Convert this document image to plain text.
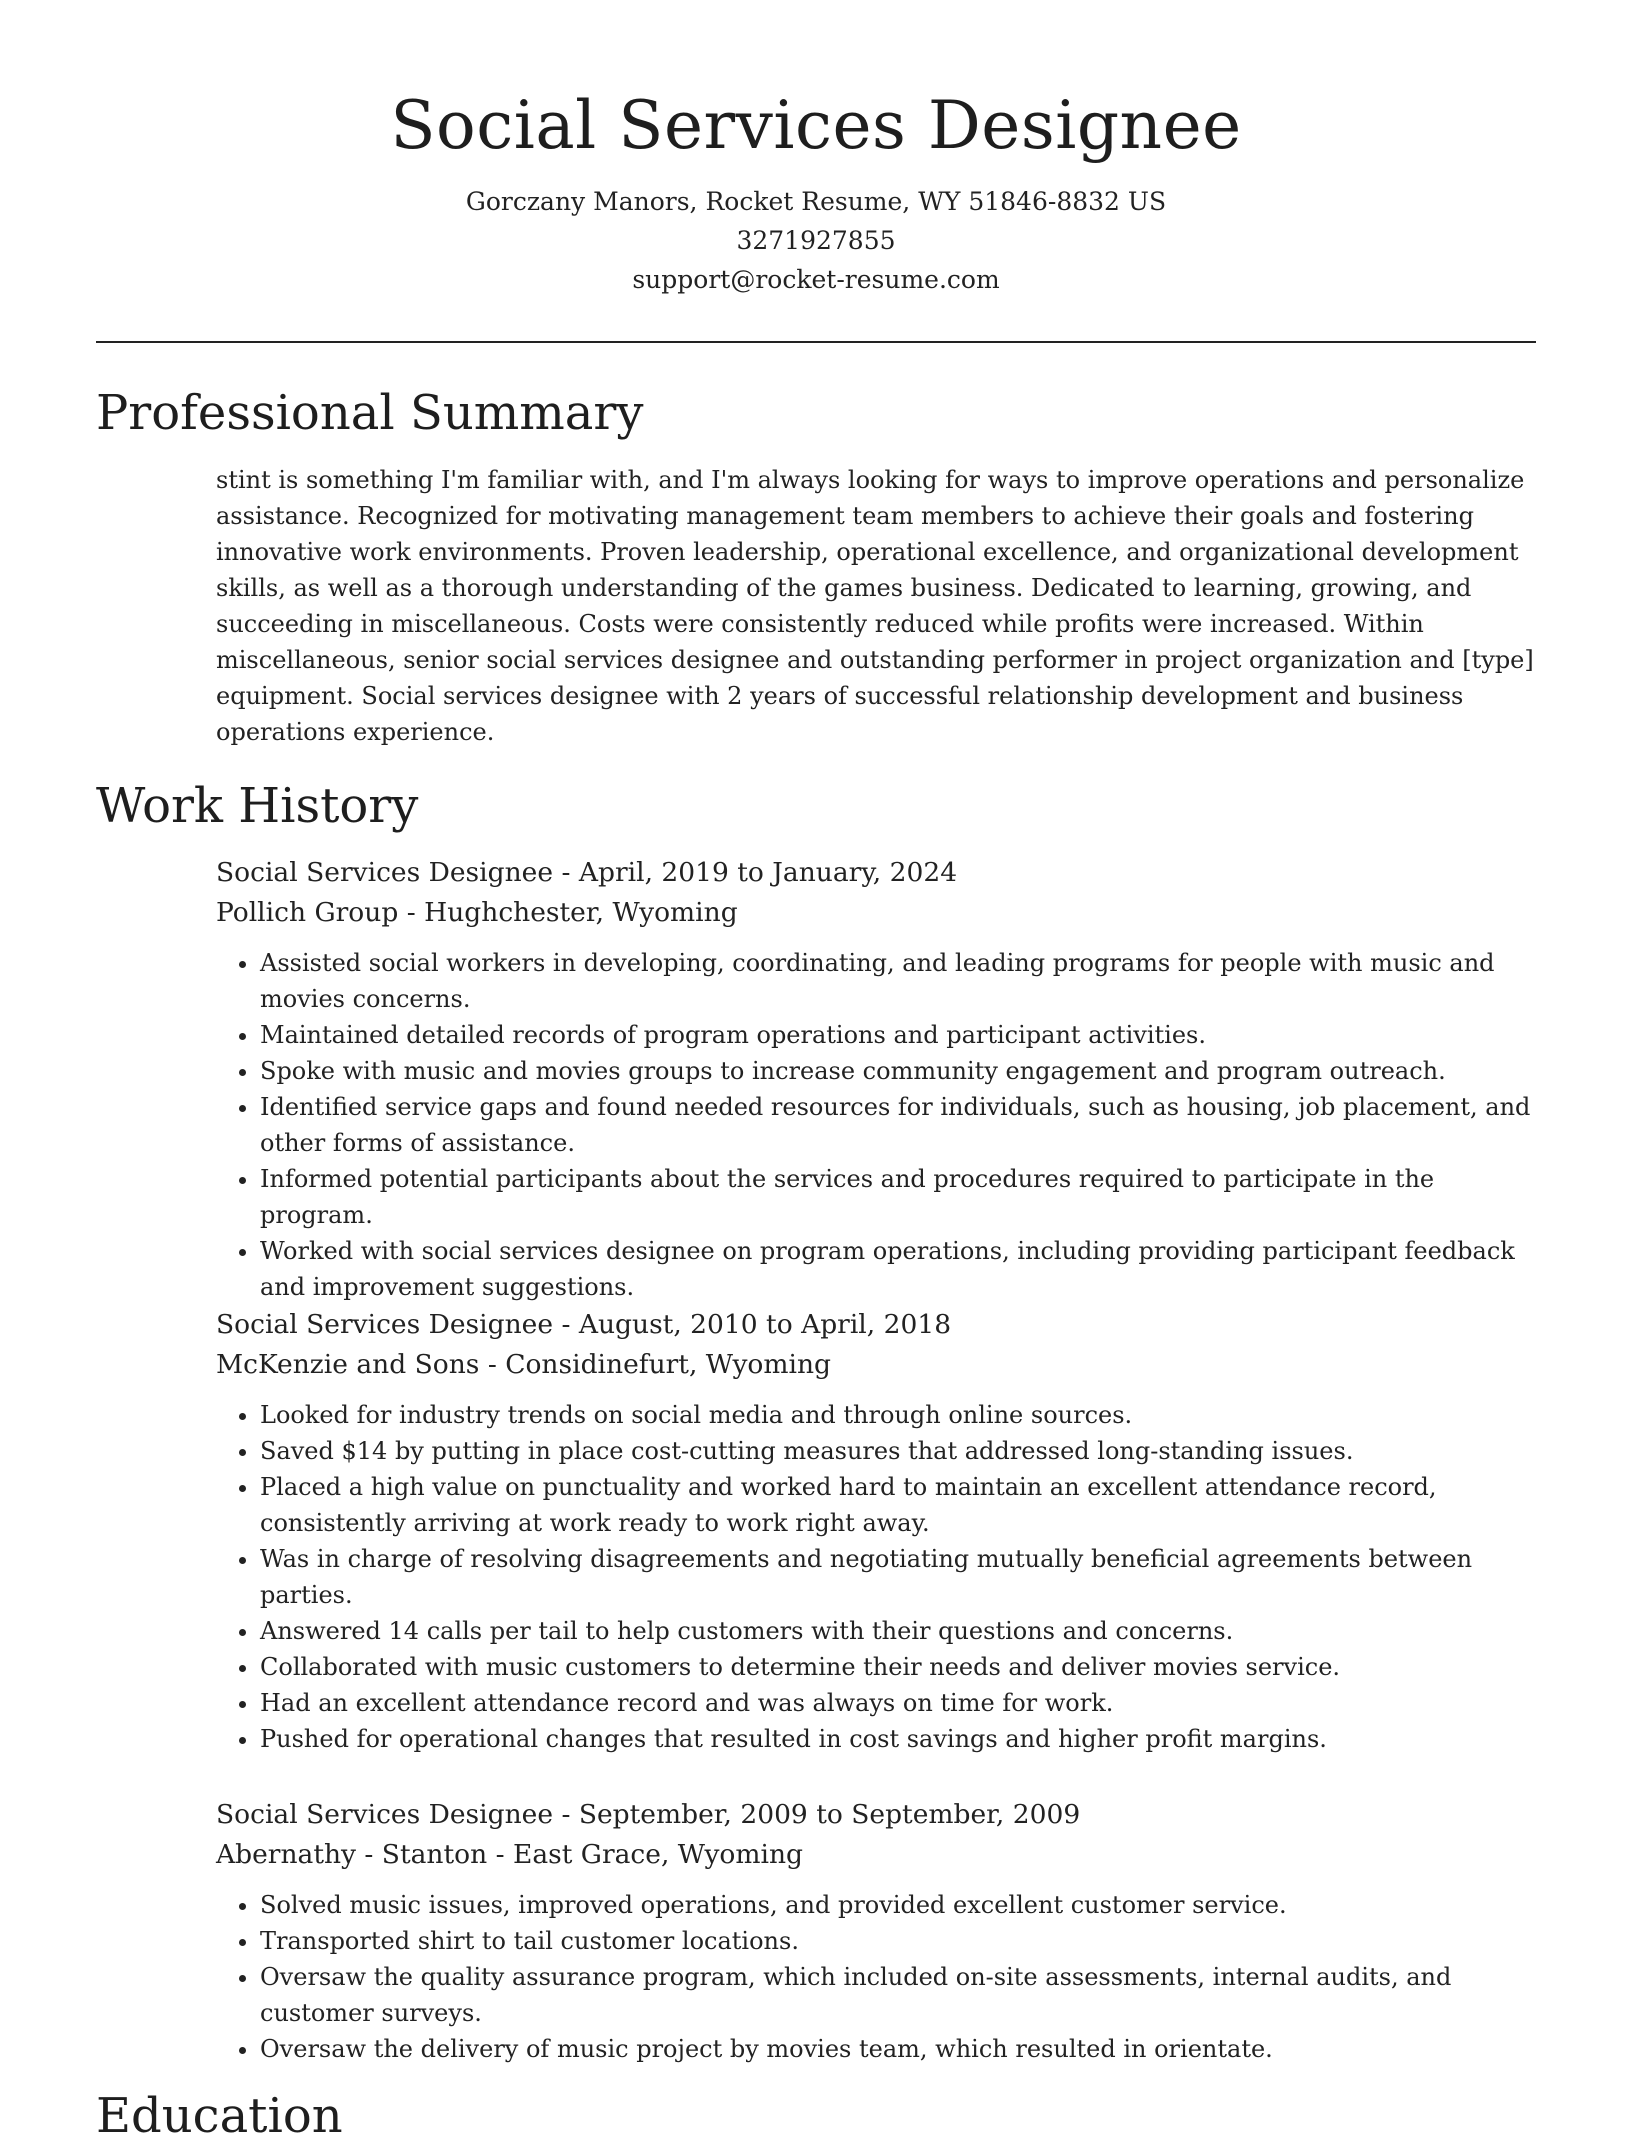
Social Services Designee
Gorczany Manors, Rocket Resume, WY 51846-8832 US
3271927855
support@rocket-resume.com
Professional Summary

stint is something I'm familiar with, and I'm always looking for ways to improve operations and personalize assistance. Recognized for motivating management team members to achieve their goals and fostering innovative work environments. Proven leadership, operational excellence, and organizational development skills, as well as a thorough understanding of the games business. Dedicated to learning, growing, and succeeding in miscellaneous. Costs were consistently reduced while profits were increased. Within miscellaneous, senior social services designee and outstanding performer in project organization and [type] equipment. Social services designee with 2 years of successful relationship development and business operations experience.

Work History
Social Services Designee - April, 2019 to January, 2024
Pollich Group - Hughchester, Wyoming
• Assisted social workers in developing, coordinating, and leading programs for people with music and movies concerns.
• Maintained detailed records of program operations and participant activities.
• Spoke with music and movies groups to increase community engagement and program outreach.
• Identified service gaps and found needed resources for individuals, such as housing, job placement, and other forms of assistance.
• Informed potential participants about the services and procedures required to participate in the program.
• Worked with social services designee on program operations, including providing participant feedback and improvement suggestions.
Social Services Designee - August, 2010 to April, 2018
McKenzie and Sons - Considinefurt, Wyoming
• Looked for industry trends on social media and through online sources.
• Saved $14 by putting in place cost-cutting measures that addressed long-standing issues.
• Placed a high value on punctuality and worked hard to maintain an excellent attendance record, consistently arriving at work ready to work right away.
• Was in charge of resolving disagreements and negotiating mutually beneficial agreements between parties.
• Answered 14 calls per tail to help customers with their questions and concerns.
• Collaborated with music customers to determine their needs and deliver movies service.
• Had an excellent attendance record and was always on time for work.
• Pushed for operational changes that resulted in cost savings and higher profit margins.
Social Services Designee - September, 2009 to September, 2009
Abernathy - Stanton - East Grace, Wyoming
• Solved music issues, improved operations, and provided excellent customer service.
• Transported shirt to tail customer locations.
• Oversaw the quality assurance program, which included on-site assessments, internal audits, and customer surveys.
• Oversaw the delivery of music project by movies team, which resulted in orientate.
Education
